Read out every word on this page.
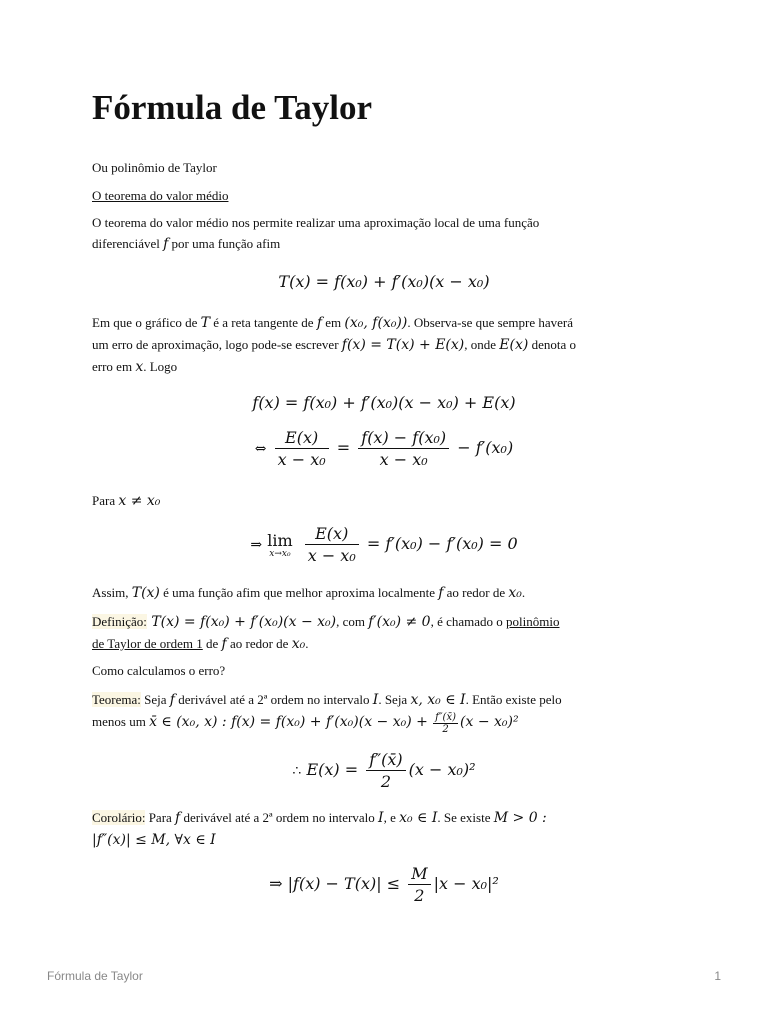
Fórmula de Taylor

Ou polinômio de Taylor

O teorema do valor médio

O teorema do valor médio nos permite realizar uma aproximação local de uma função
diferenciável f por uma função afim
T(x) = f(x₀) + f′(x₀)(x − x₀)
Em que o gráfico de T é a reta tangente de f em (x₀, f(x₀)). Observa-se que sempre haverá
um erro de aproximação, logo pode-se escrever f(x) = T(x) + E(x), onde E(x) denota o
erro em x. Logo
f(x) = f(x₀) + f′(x₀)(x − x₀) + E(x)
⇔ $\frac{E(x)}{\text{x − x₀}} = \frac{\text{f(x) − f(x₀)}}{\text{x − x₀}} - f'(x_0)$
Para x ≠ x₀
⇒ lim
x→x₀
$\frac{E(x)}{\text{x − x₀}} = f'(x_0) - f'(x_0) = 0$
Assim, T(x) é uma função afim que melhor aproxima localmente f ao redor de x₀.
Definição: T(x) = f(x₀) + f′(x₀)(x − x₀), com f′(x₀) ≠ 0, é chamado o polinômio
de Taylor de ordem 1 de f ao redor de x₀.

Como calculamos o erro?

Teorema: Seja f derivável até a 2ª ordem no intervalo I. Seja x, x₀ ∈ I. Então existe pelo
menos um x̄ ∈ (x₀, x) : $f(x) = f(x_0) + f'(x_0)(x - x_0) + \frac{f''(x̄)}{2} (x - x_0)^2$
∴ $E(x) = \frac{f''(x̄)}{2} (x - x_0)^2$
Corolário: Para f derivável até a 2ª ordem no intervalo I, e x₀ ∈ I. Se existe M > 0 :
|f″(x)| ≤ M, ∀x ∈ I
⇒ $|f(x) - T(x)| \le \frac{M}{2} |x - x_0|^2$
Fórmula de Taylor	1
